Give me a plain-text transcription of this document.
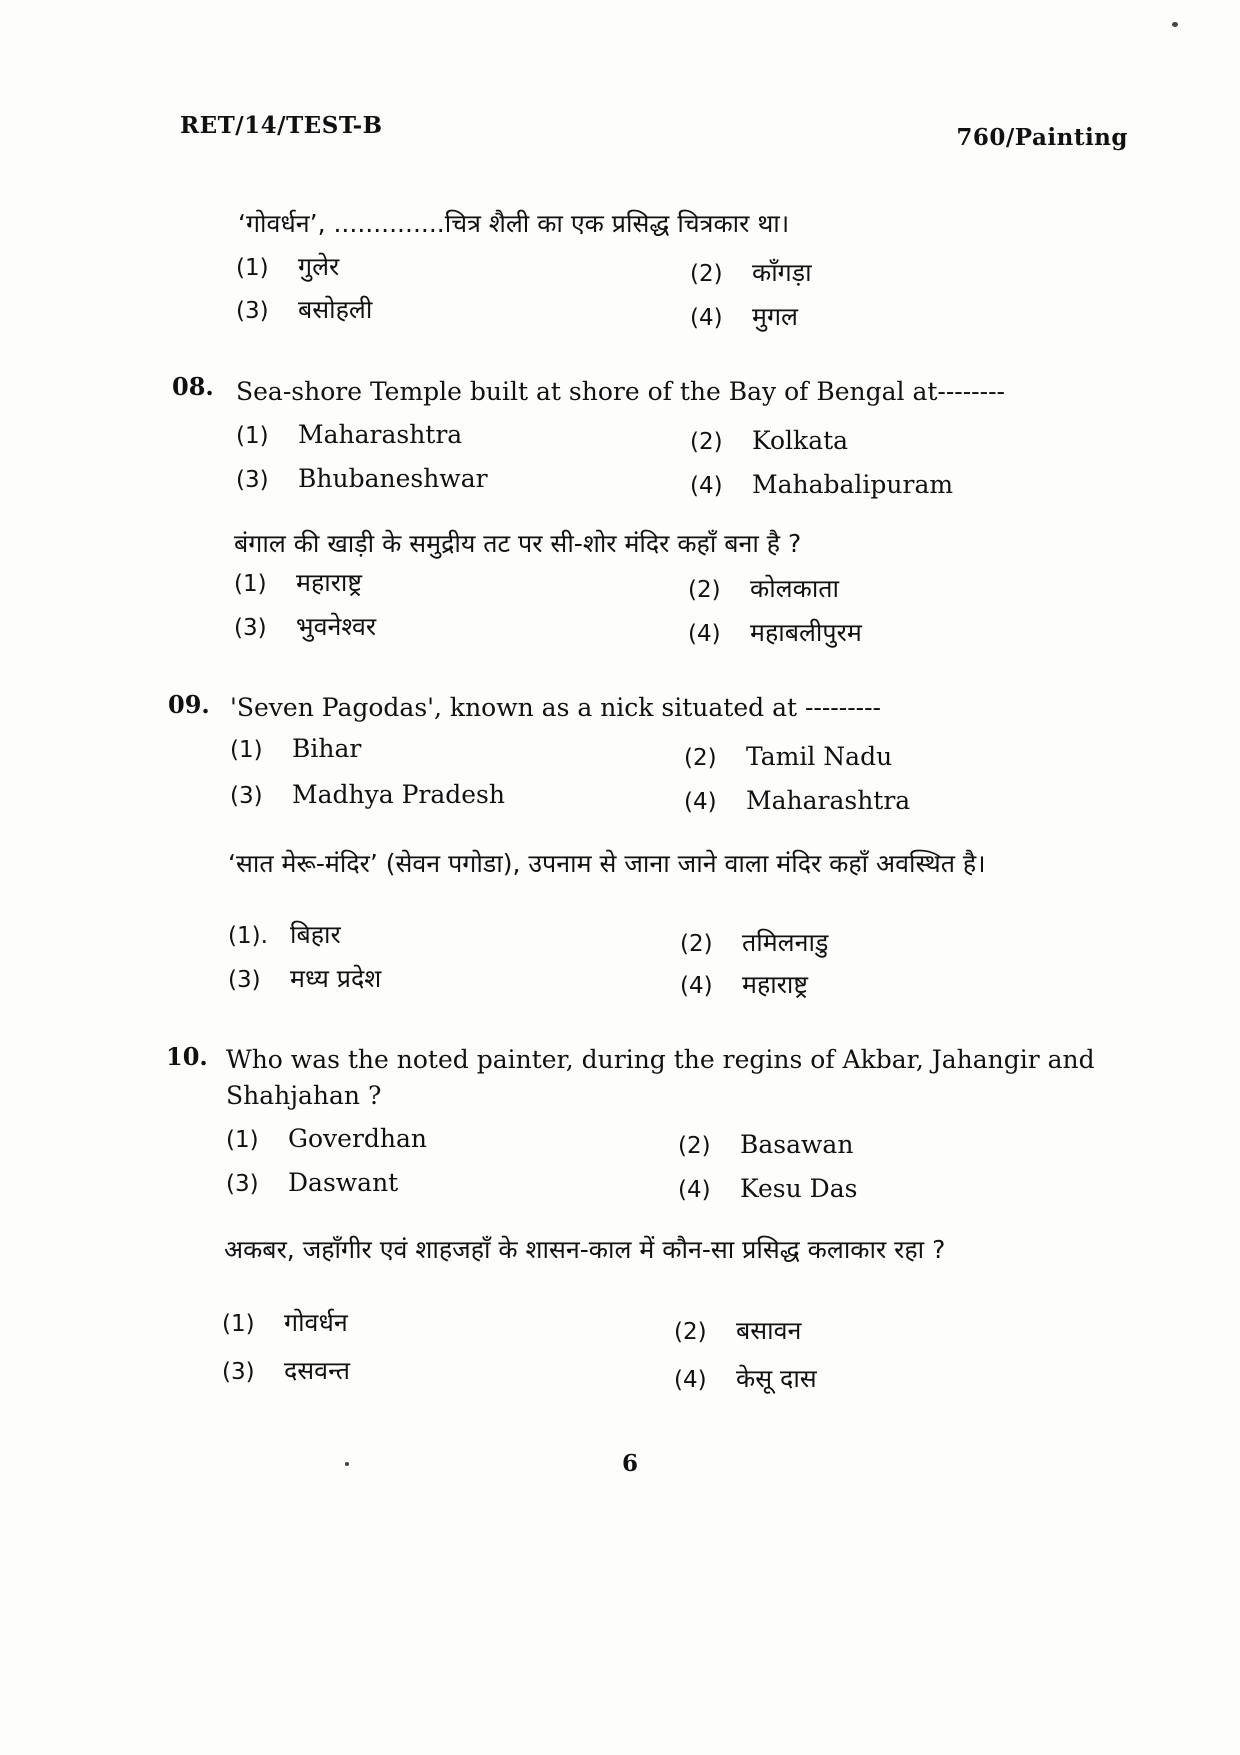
RET/14/TEST-B	760/Painting
‘गोवर्धन’, ..............चित्र शैली का एक प्रसिद्ध चित्रकार था।
(1) गुलेर	(2) काँगड़ा
(3) बसोहली	(4) मुगल
08. Sea-shore Temple built at shore of the Bay of Bengal at--------
(1) Maharashtra	(2) Kolkata
(3) Bhubaneshwar	(4) Mahabalipuram
बंगाल की खाड़ी के समुद्रीय तट पर सी-शोर मंदिर कहाँ बना है ?
(1) महाराष्ट्र	(2) कोलकाता
(3) भुवनेश्वर	(4) महाबलीपुरम
09. 'Seven Pagodas', known as a nick situated at ---------
(1) Bihar	(2) Tamil Nadu
(3) Madhya Pradesh	(4) Maharashtra
‘सात मेरू-मंदिर’ (सेवन पगोडा), उपनाम से जाना जाने वाला मंदिर कहाँ अवस्थित है।
(1). बिहार	(2) तमिलनाडु
(3) मध्य प्रदेश	(4) महाराष्ट्र
10. Who was the noted painter, during the regins of Akbar, Jahangir and Shahjahan ?
(1) Goverdhan	(2) Basawan
(3) Daswant	(4) Kesu Das
अकबर, जहाँगीर एवं शाहजहाँ के शासन-काल में कौन-सा प्रसिद्ध कलाकार रहा ?
(1) गोवर्धन	(2) बसावन
(3) दसवन्त	(4) केसू दास
6
